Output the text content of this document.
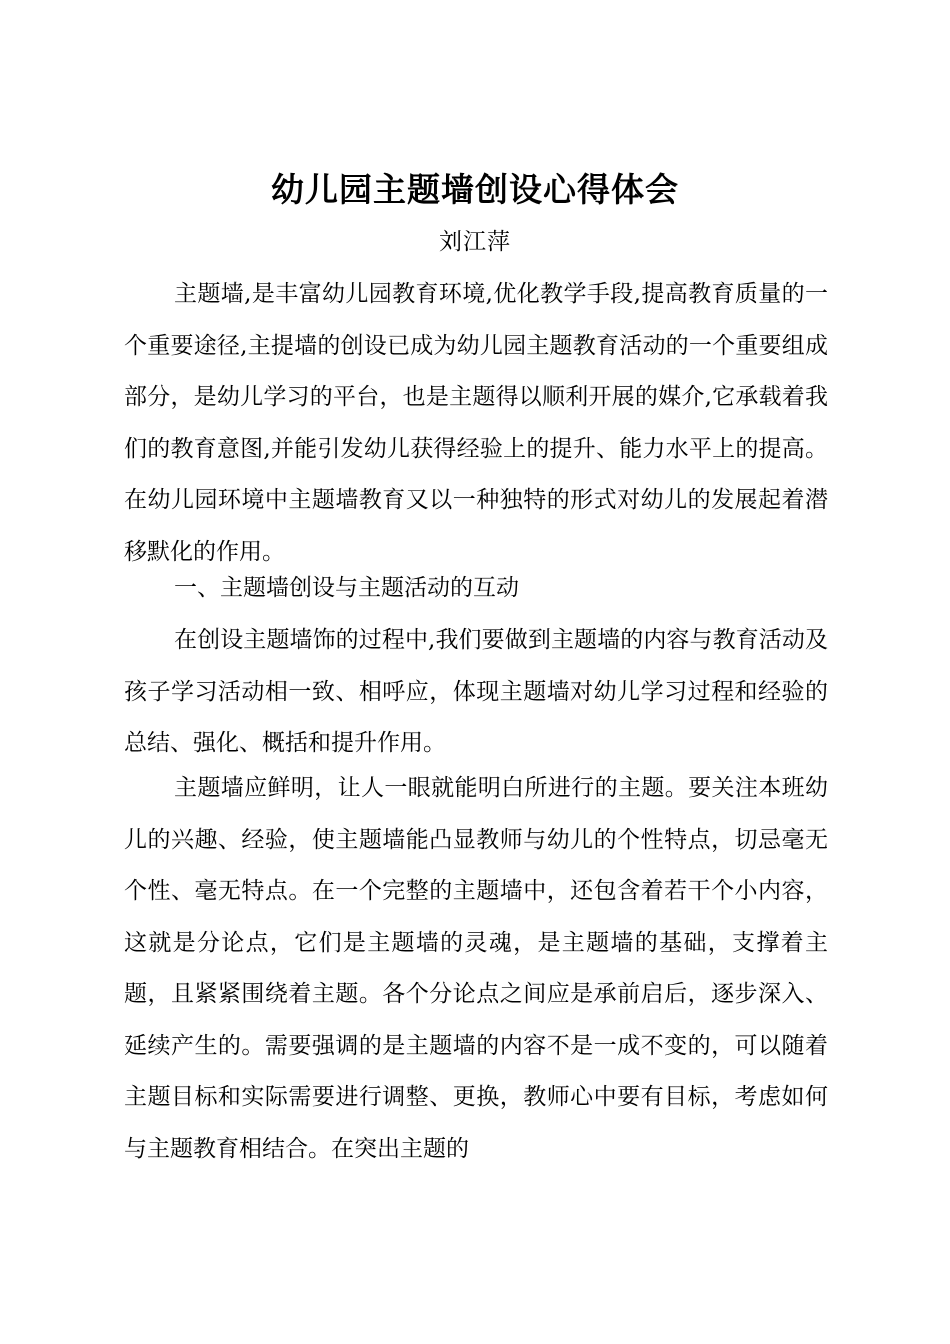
幼儿园主题墙创设心得体会
刘江萍

主题墙,是丰富幼儿园教育环境,优化教学手段,提高教育质量的一个重要途径,主提墙的创设已成为幼儿园主题教育活动的一个重要组成部分，是幼儿学习的平台，也是主题得以顺利开展的媒介,它承载着我们的教育意图,并能引发幼儿获得经验上的提升、能力水平上的提高。在幼儿园环境中主题墙教育又以一种独特的形式对幼儿的发展起着潜移默化的作用。

一、主题墙创设与主题活动的互动

在创设主题墙饰的过程中,我们要做到主题墙的内容与教育活动及孩子学习活动相一致、相呼应，体现主题墙对幼儿学习过程和经验的总结、强化、概括和提升作用。

主题墙应鲜明，让人一眼就能明白所进行的主题。要关注本班幼儿的兴趣、经验，使主题墙能凸显教师与幼儿的个性特点，切忌毫无个性、毫无特点。在一个完整的主题墙中，还包含着若干个小内容，这就是分论点，它们是主题墙的灵魂，是主题墙的基础，支撑着主题，且紧紧围绕着主题。各个分论点之间应是承前启后，逐步深入、延续产生的。需要强调的是主题墙的内容不是一成不变的，可以随着主题目标和实际需要进行调整、更换，教师心中要有目标，考虑如何与主题教育相结合。在突出主题的
